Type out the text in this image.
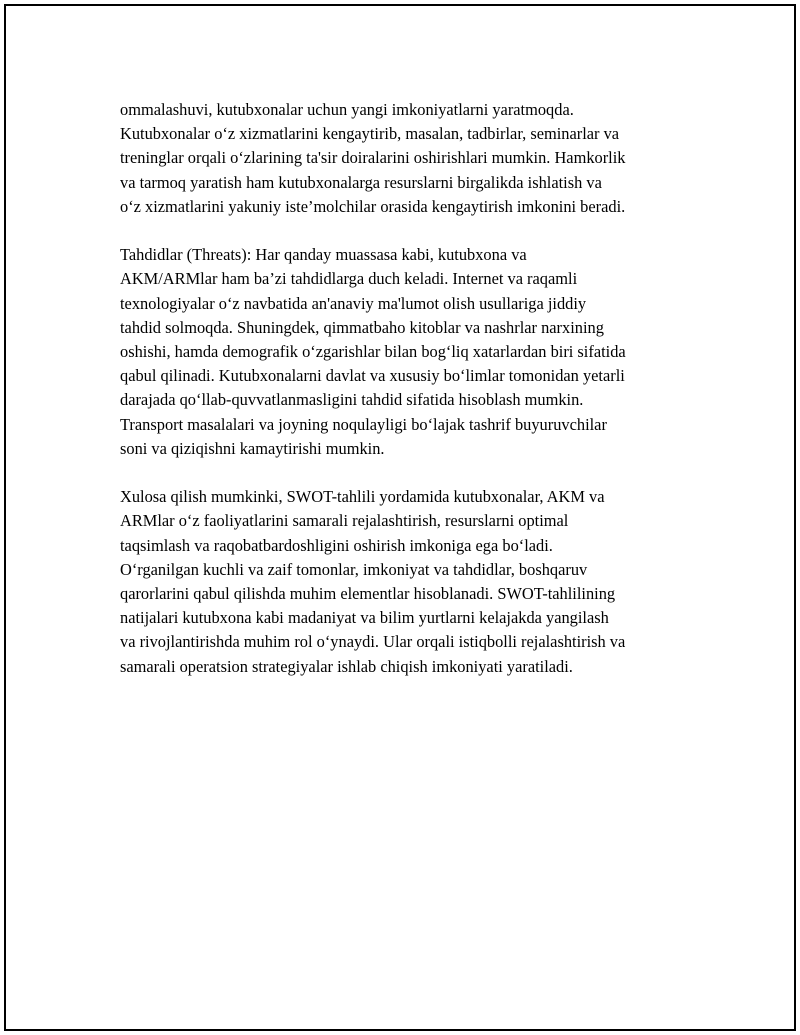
ommalashuvi, kutubxonalar uchun yangi imkoniyatlarni yaratmoqda.
Kutubxonalar o‘z xizmatlarini kengaytirib, masalan, tadbirlar, seminarlar va
treninglar orqali o‘zlarining ta'sir doiralarini oshirishlari mumkin. Hamkorlik
va tarmoq yaratish ham kutubxonalarga resurslarni birgalikda ishlatish va
o‘z xizmatlarini yakuniy iste’molchilar orasida kengaytirish imkonini beradi.

Tahdidlar (Threats): Har qanday muassasa kabi, kutubxona va
AKM/ARMlar ham ba’zi tahdidlarga duch keladi. Internet va raqamli
texnologiyalar o‘z navbatida an'anaviy ma'lumot olish usullariga jiddiy
tahdid solmoqda. Shuningdek, qimmatbaho kitoblar va nashrlar narxining
oshishi, hamda demografik o‘zgarishlar bilan bog‘liq xatarlardan biri sifatida
qabul qilinadi. Kutubxonalarni davlat va xususiy bo‘limlar tomonidan yetarli
darajada qo‘llab-quvvatlanmasligini tahdid sifatida hisoblash mumkin.
Transport masalalari va joyning noqulayligi bo‘lajak tashrif buyuruvchilar
soni va qiziqishni kamaytirishi mumkin.

Xulosa qilish mumkinki, SWOT-tahlili yordamida kutubxonalar, AKM va
ARMlar o‘z faoliyatlarini samarali rejalashtirish, resurslarni optimal
taqsimlash va raqobatbardoshligini oshirish imkoniga ega bo‘ladi.
O‘rganilgan kuchli va zaif tomonlar, imkoniyat va tahdidlar, boshqaruv
qarorlarini qabul qilishda muhim elementlar hisoblanadi. SWOT-tahlilining
natijalari kutubxona kabi madaniyat va bilim yurtlarni kelajakda yangilash
va rivojlantirishda muhim rol o‘ynaydi. Ular orqali istiqbolli rejalashtirish va
samarali operatsion strategiyalar ishlab chiqish imkoniyati yaratiladi.
